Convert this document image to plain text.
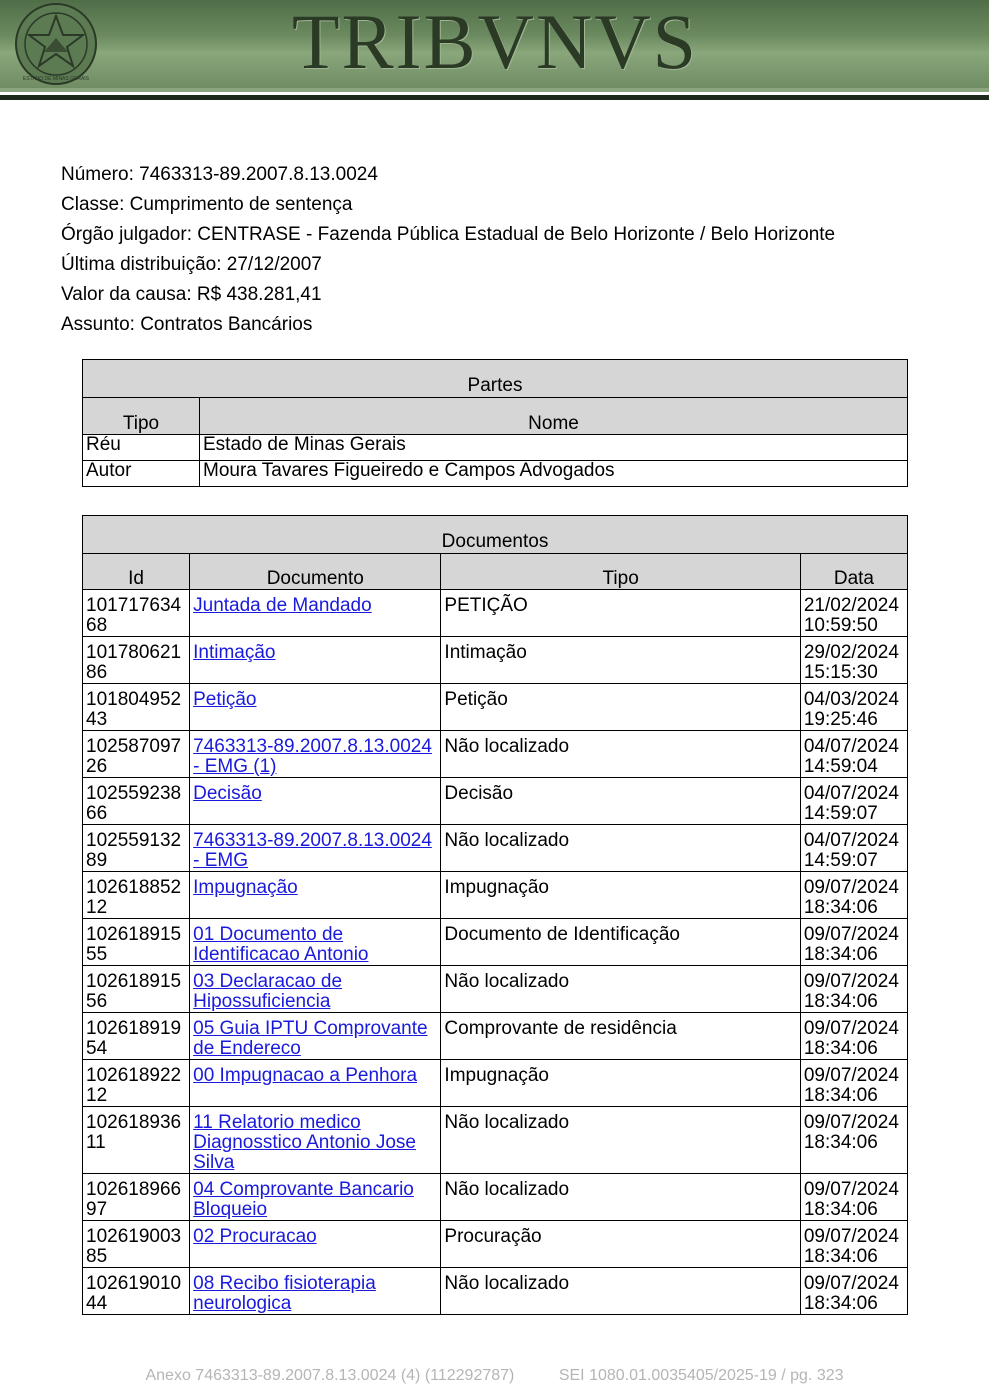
ESTADO DE MINAS GERAIS	TRIBVNVS
Número: 7463313-89.2007.8.13.0024
Classe: Cumprimento de sentença
Órgão julgador: CENTRASE - Fazenda Pública Estadual de Belo Horizonte / Belo Horizonte
Última distribuição: 27/12/2007
Valor da causa: R$ 438.281,41
Assunto: Contratos Bancários
Partes	
Tipo	Nome
Réu	Estado de Minas Gerais
Autor	Moura Tavares Figueiredo e Campos Advogados
Documentos			
Id	Documento	Tipo	Data
10171763468	Juntada de Mandado	PETIÇÃO	21/02/2024 10:59:50
10178062186	Intimação	Intimação	29/02/2024 15:15:30
10180495243	Petição	Petição	04/03/2024 19:25:46
10258709726	7463313-89.2007.8.13.0024 - EMG (1)	Não localizado	04/07/2024 14:59:04
10255923866	Decisão	Decisão	04/07/2024 14:59:07
10255913289	7463313-89.2007.8.13.0024 - EMG	Não localizado	04/07/2024 14:59:07
10261885212	Impugnação	Impugnação	09/07/2024 18:34:06
10261891555	01 Documento de Identificacao Antonio	Documento de Identificação	09/07/2024 18:34:06
10261891556	03 Declaracao de Hipossuficiencia	Não localizado	09/07/2024 18:34:06
10261891954	05 Guia IPTU Comprovante de Endereco	Comprovante de residência	09/07/2024 18:34:06
10261892212	00 Impugnacao a Penhora	Impugnação	09/07/2024 18:34:06
10261893611	11 Relatorio medico Diagnosstico Antonio Jose Silva	Não localizado	09/07/2024 18:34:06
10261896697	04 Comprovante Bancario Bloqueio	Não localizado	09/07/2024 18:34:06
10261900385	02 Procuracao	Procuração	09/07/2024 18:34:06
10261901044	08 Recibo fisioterapia neurologica	Não localizado	09/07/2024 18:34:06
Anexo 7463313-89.2007.8.13.0024 (4) (112292787)	SEI 1080.01.0035405/2025-19 / pg. 323
